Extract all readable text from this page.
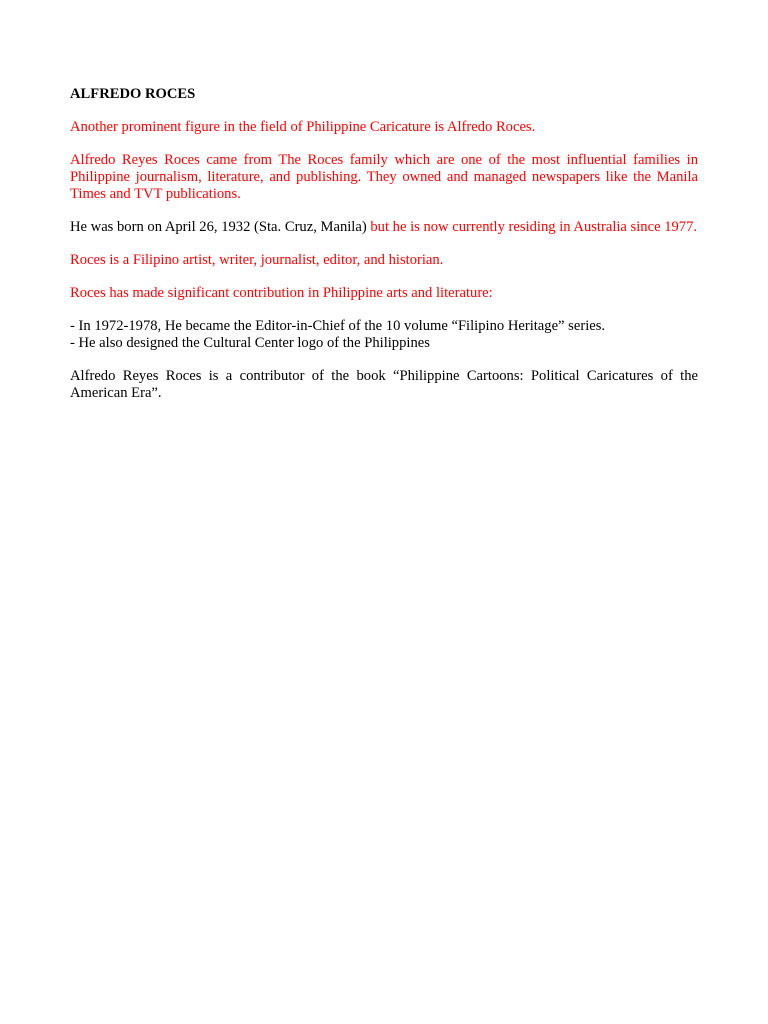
ALFREDO ROCES

Another prominent figure in the field of Philippine Caricature is Alfredo Roces.

Alfredo Reyes Roces came from The Roces family which are one of the most influential families in Philippine journalism, literature, and publishing. They owned and managed newspapers like the Manila Times and TVT publications.

He was born on April 26, 1932 (Sta. Cruz, Manila) but he is now currently residing in Australia since 1977.

Roces is a Filipino artist, writer, journalist, editor, and historian.

Roces has made significant contribution in Philippine arts and literature:

- In 1972-1978, He became the Editor-in-Chief of the 10 volume “Filipino Heritage” series.
- He also designed the Cultural Center logo of the Philippines

Alfredo Reyes Roces is a contributor of the book “Philippine Cartoons: Political Caricatures of the American Era”.
